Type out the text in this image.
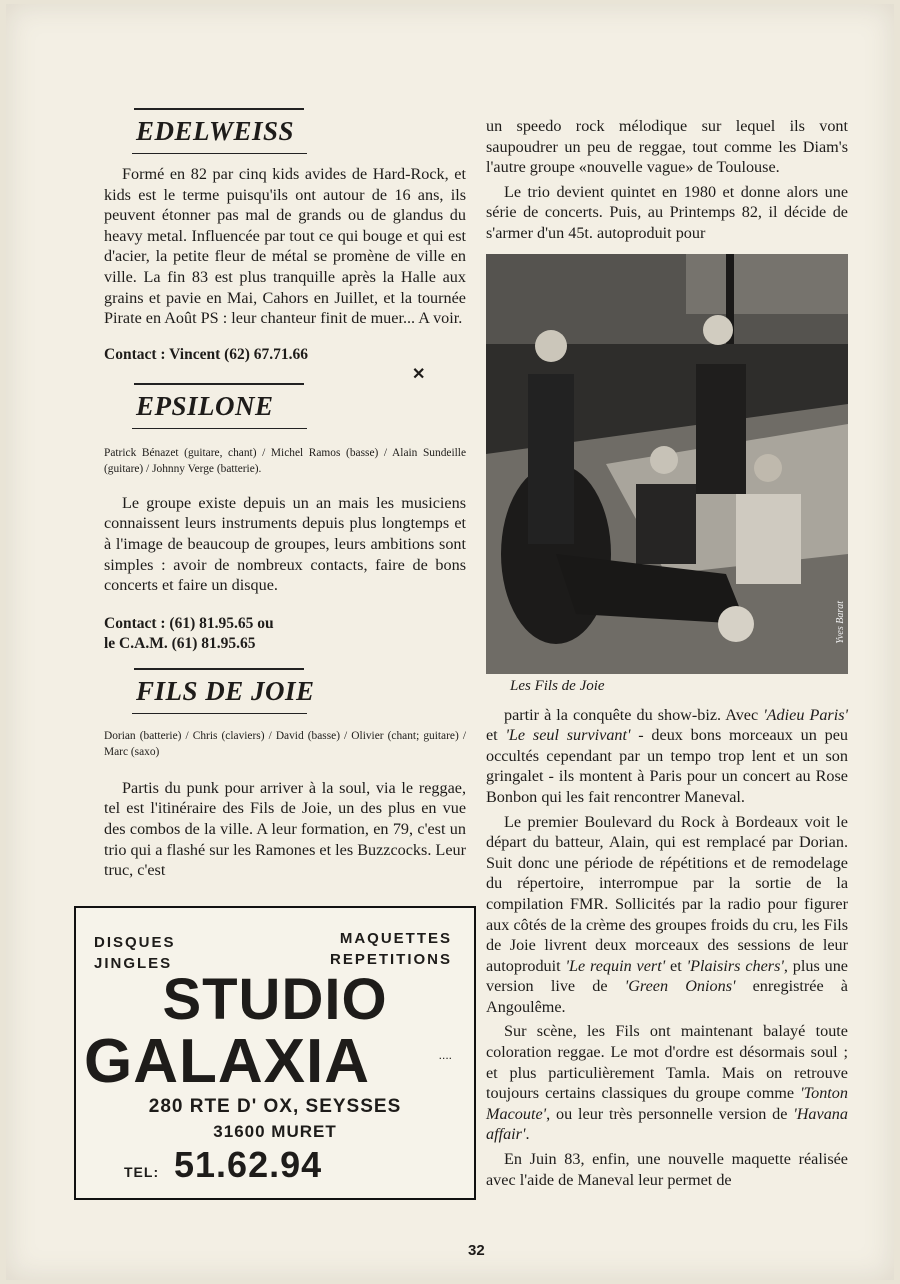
EDELWEISS

Formé en 82 par cinq kids avides de Hard-Rock, et kids est le terme puisqu'ils ont autour de 16 ans, ils peuvent étonner pas mal de grands ou de glandus du heavy metal. Influencée par tout ce qui bouge et qui est d'acier, la petite fleur de métal se promène de ville en ville. La fin 83 est plus tranquille après la Halle aux grains et pavie en Mai, Cahors en Juillet, et la tournée Pirate en Août PS : leur chanteur finit de muer... A voir.

Contact : Vincent (62) 67.71.66

✕
EPSILONE

Patrick Bénazet (guitare, chant) / Michel Ramos (basse) / Alain Sundeille (guitare) / Johnny Verge (batterie).

Le groupe existe depuis un an mais les musiciens connaissent leurs instruments depuis plus longtemps et à l'image de beaucoup de groupes, leurs ambitions sont simples : avoir de nombreux contacts, faire de bons concerts et faire un disque.

Contact : (61) 81.95.65 ou

le C.A.M. (61) 81.95.65

FILS DE JOIE

Dorian (batterie) / Chris (claviers) / David (basse) / Olivier (chant; guitare) / Marc (saxo)

Partis du punk pour arriver à la soul, via le reggae, tel est l'itinéraire des Fils de Joie, un des plus en vue des combos de la ville. A leur formation, en 79, c'est un trio qui a flashé sur les Ramones et les Buzzcocks. Leur truc, c'est

un speedo rock mélodique sur lequel ils vont saupoudrer un peu de reggae, tout comme les Diam's l'autre groupe «nouvelle vague» de Toulouse.

Le trio devient quintet en 1980 et donne alors une série de concerts. Puis, au Printemps 82, il décide de s'armer d'un 45t. autoproduit pour

Yves Barat
Les Fils de Joie

partir à la conquête du show-biz. Avec 'Adieu Paris' et 'Le seul survivant' - deux bons morceaux un peu occultés cependant par un tempo trop lent et un son gringalet - ils montent à Paris pour un concert au Rose Bonbon qui les fait rencontrer Maneval.

Le premier Boulevard du Rock à Bordeaux voit le départ du batteur, Alain, qui est remplacé par Dorian. Suit donc une période de répétitions et de remodelage du répertoire, interrompue par la sortie de la compilation FMR. Sollicités par la radio pour figurer aux côtés de la crème des groupes froids du cru, les Fils de Joie livrent deux morceaux des sessions de leur autoproduit 'Le requin vert' et 'Plaisirs chers', plus une version live de 'Green Onions' enregistrée à Angoulême.

Sur scène, les Fils ont maintenant balayé toute coloration reggae. Le mot d'ordre est désormais soul ; et plus particulièrement Tamla. Mais on retrouve toujours certains classiques du groupe comme 'Tonton Macoute', ou leur très personnelle version de 'Havana affair'.

En Juin 83, enfin, une nouvelle maquette réalisée avec l'aide de Maneval leur permet de

DISQUES
JINGLES
MAQUETTES
REPETITIONS
STUDIO
GALAXIA	....
280 RTE D' OX, SEYSSES
31600 MURET
TEL: 51.62.94
32
